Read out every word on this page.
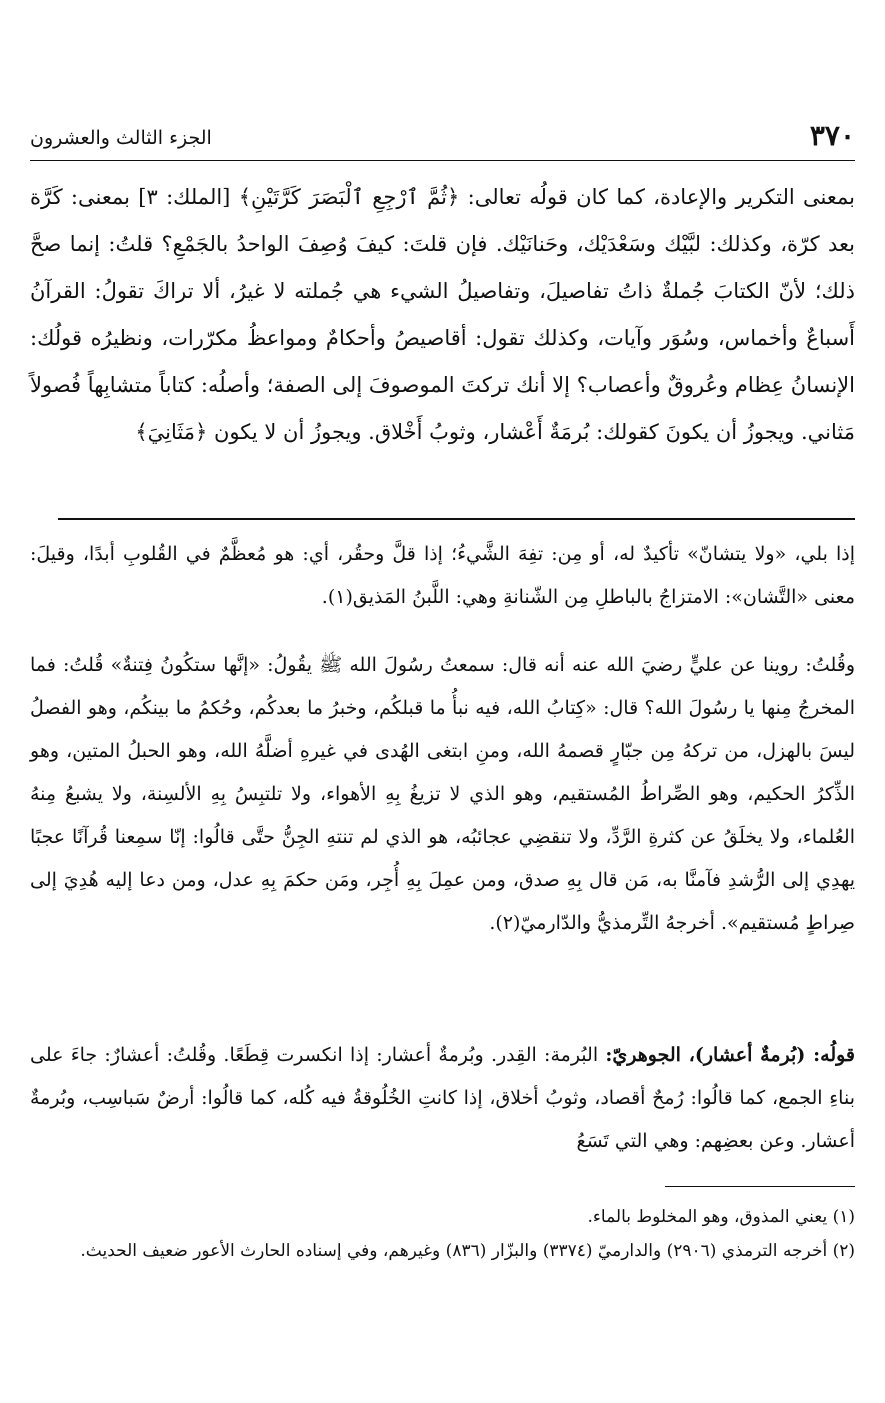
٣٧٠
الجزء الثالث والعشرون

بمعنى التكرير والإعادة، كما كان قولُه تعالى: ﴿ثُمَّ ٱرْجِعِ ٱلْبَصَرَ كَرَّتَيْنِ﴾ [الملك: ٣] بمعنى: كَرَّة بعد كرّة، وكذلك: لبَّيْك وسَعْدَيْك، وحَنانَيْك. فإن قلتَ: كيفَ وُصِفَ الواحدُ بالجَمْعِ؟ قلتُ: إنما صحَّ ذلك؛ لأنّ الكتابَ جُملةٌ ذاتُ تفاصيلَ، وتفاصيلُ الشيء هي جُملته لا غيرُ، ألا تراكَ تقولُ: القرآنُ أَسباعٌ وأخماس، وسُوَر وآيات، وكذلك تقول: أقاصيصُ وأحكامٌ ومواعظُ مكرّرات، ونظيرُه قولُك: الإنسانُ عِظام وعُروقٌ وأعصاب؟ إلا أنك تركتَ الموصوفَ إلى الصفة؛ وأصلُه: كتاباً متشابِهاً فُصولاً مَثاني. ويجوزُ أن يكونَ كقولك: بُرمَةٌ أَعْشار، وثوبُ أَخْلاق. ويجوزُ أن لا يكون ﴿مَثَانِيَ﴾

إذا بلي، «ولا يتشانّ» تأكيدٌ له، أو مِن: تفِهَ الشَّيءُ؛ إذا قلَّ وحقُر، أي: هو مُعظَّمٌ في القُلوبِ أبدًا، وقيلَ: معنى «التَّشان»: الامتزاجُ بالباطلِ مِن الشّنانةِ وهي: اللَّبنُ المَذيق(١).

وقُلتُ: روينا عن عليٍّ رضيَ الله عنه أنه قال: سمعتُ رسُولَ الله ﷺ يقُولُ: «إنَّها ستكُونُ فِتنةٌ» قُلتُ: فما المخرجُ مِنها يا رسُولَ الله؟ قال: «كِتابُ الله، فيه نبأُ ما قبلكُم، وخبرُ ما بعدكُم، وحُكمُ ما بينكُم، وهو الفصلُ ليسَ بالهزل، من تركهُ مِن جبّارٍ قصمهُ الله، ومنِ ابتغى الهُدى في غيرهِ أضلَّهُ الله، وهو الحبلُ المتين، وهو الذِّكرُ الحكيم، وهو الصِّراطُ المُستقيم، وهو الذي لا تزيغُ بِهِ الأهواء، ولا تلتبِسُ بِهِ الألسِنة، ولا يشبعُ مِنهُ العُلماء، ولا يخلَقُ عن كثرةِ الرَّدِّ، ولا تنقضِي عجائبُه، هو الذي لم تنتهِ الجِنُّ حتَّى قالُوا: إنّا سمِعنا قُرآنًا عجبًا يهدِي إلى الرُّشدِ فآمنَّا به، مَن قال بِهِ صدق، ومن عمِلَ بِهِ أُجِر، ومَن حكمَ بِهِ عدل، ومن دعا إليه هُدِيَ إلى صِراطٍ مُستقيم». أخرجهُ التِّرمذيُّ والدّارميّ(٢).

قولُه: (بُرمةٌ أعشار)، الجوهريّ: البُرمة: القِدر. وبُرمةٌ أعشار: إذا انكسرت قِطَعًا. وقُلتُ: أعشارٌ: جاءَ على بناءِ الجمع، كما قالُوا: رُمحٌ أقصاد، وثوبُ أخلاق، إذا كانتِ الخُلُوقةُ فيه كُله، كما قالُوا: أرضٌ سَباسِب، وبُرمةٌ أعشار. وعن بعضِهم: وهي التي تَسَعُ

(١) يعني المذوق، وهو المخلوط بالماء.

(٢) أخرجه الترمذي (٢٩٠٦) والدارميّ (٣٣٧٤) والبزّار (٨٣٦) وغيرهم، وفي إسناده الحارث الأعور ضعيف الحديث.
